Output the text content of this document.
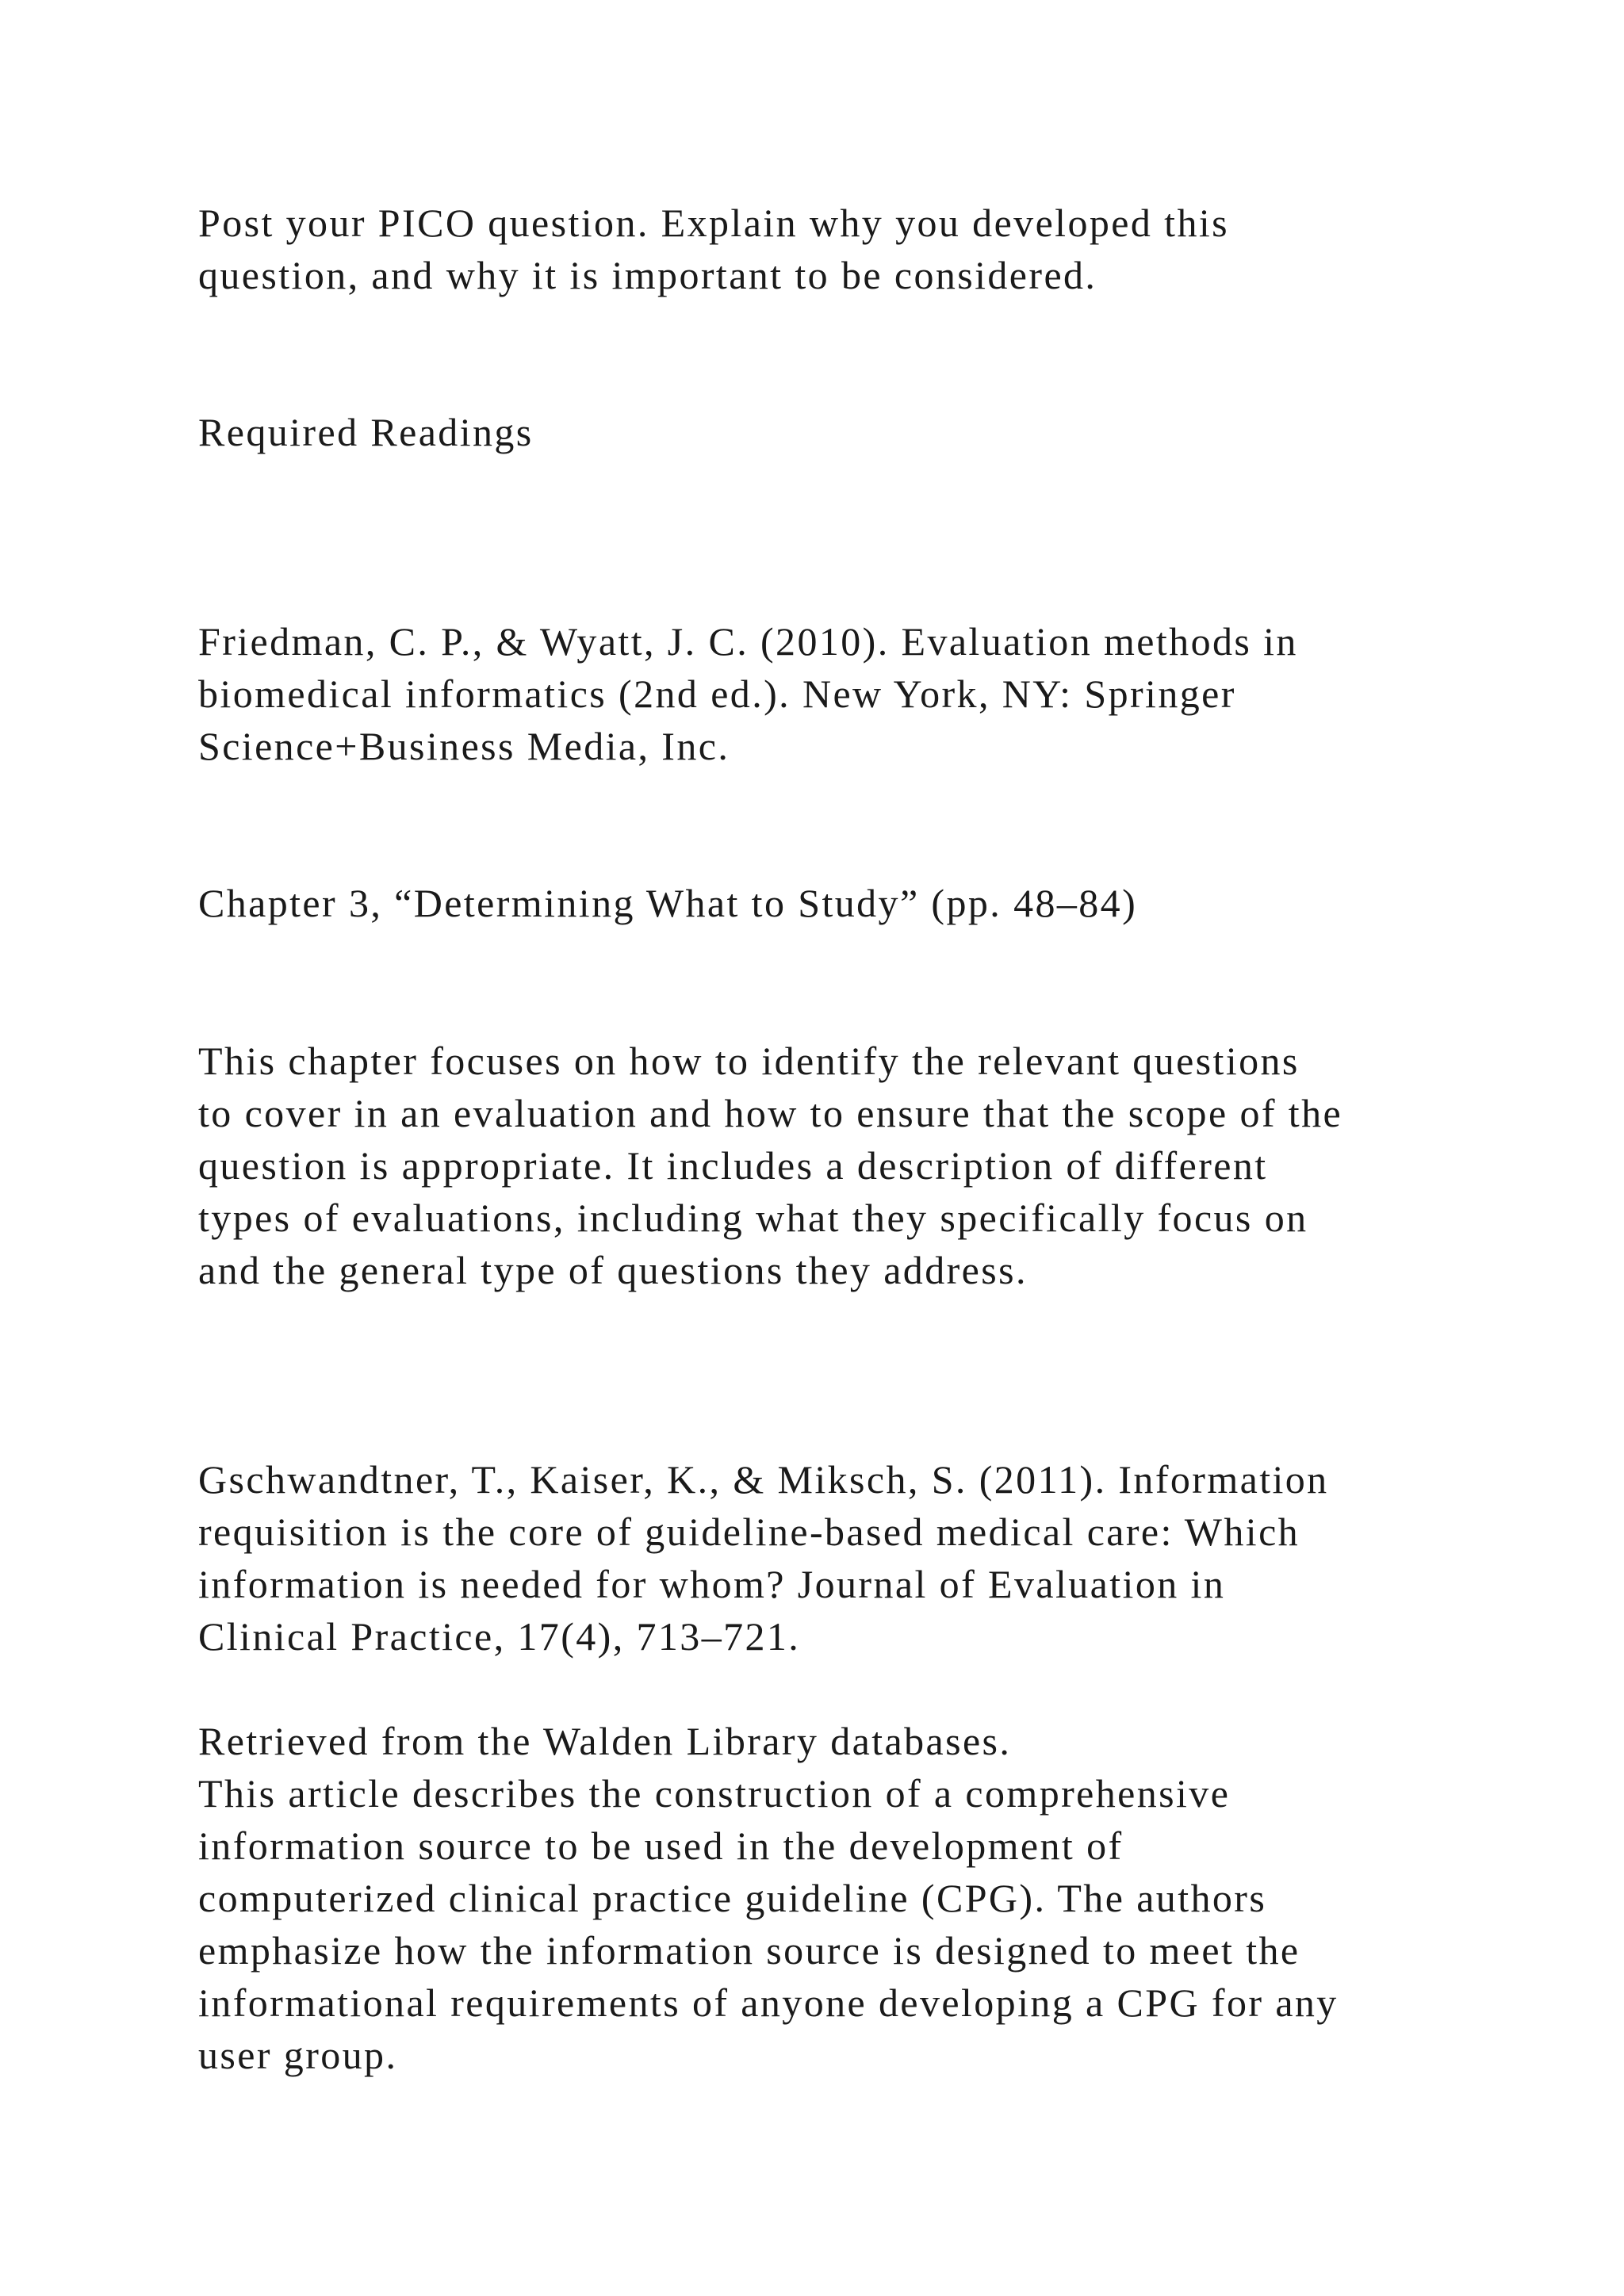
Post your PICO question. Explain why you developed this

question, and why it is important to be considered.

Required Readings

Friedman, C. P., & Wyatt, J. C. (2010). Evaluation methods in

biomedical informatics (2nd ed.). New York, NY: Springer

Science+Business Media, Inc.

Chapter 3, “Determining What to Study” (pp. 48–84)

This chapter focuses on how to identify the relevant questions

to cover in an evaluation and how to ensure that the scope of the

question is appropriate. It includes a description of different

types of evaluations, including what they specifically focus on

and the general type of questions they address.

Gschwandtner, T., Kaiser, K., & Miksch, S. (2011). Information

requisition is the core of guideline-based medical care: Which

information is needed for whom? Journal of Evaluation in

Clinical Practice, 17(4), 713–721.

Retrieved from the Walden Library databases.

This article describes the construction of a comprehensive

information source to be used in the development of

computerized clinical practice guideline (CPG). The authors

emphasize how the information source is designed to meet the

informational requirements of anyone developing a CPG for any

user group.
